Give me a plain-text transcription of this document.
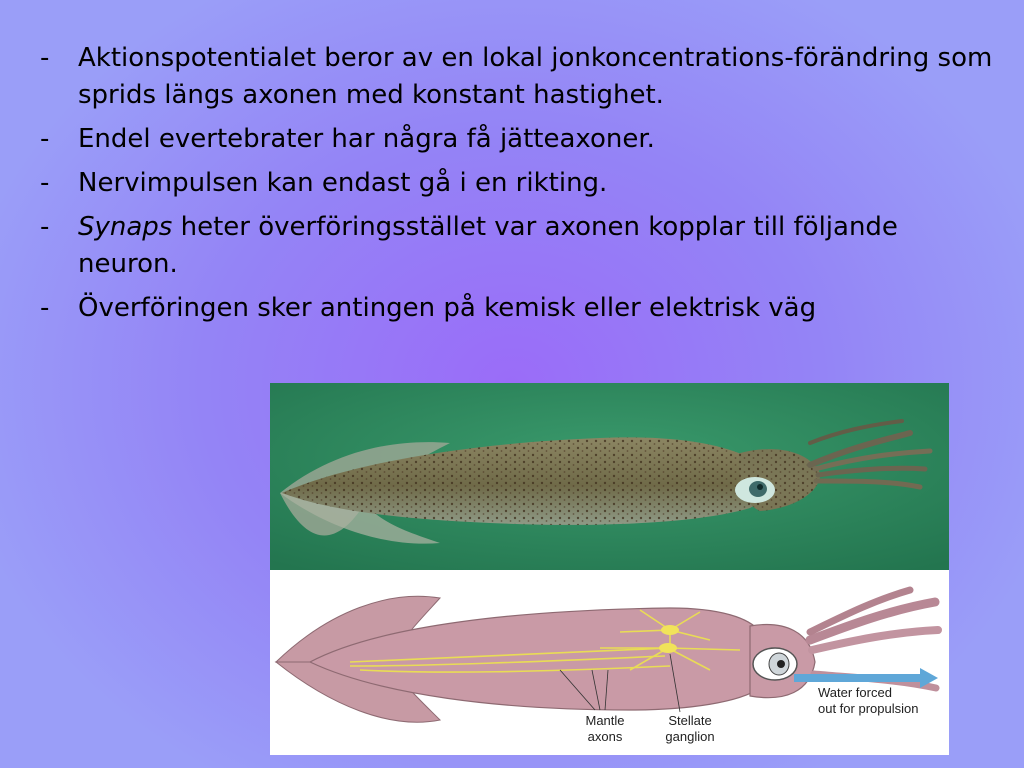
- Aktionspotentialet beror av en lokal jonkoncentrations-förändring som sprids längs axonen med konstant hastighet.
- Endel evertebrater har några få jätteaxoner.
- Nervimpulsen kan endast gå i en rikting.
- Synaps heter överföringsstället var axonen kopplar till följande neuron.
- Överföringen sker antingen på kemisk eller elektrisk väg
Mantle
axons
Stellate
ganglion
Water forced
out for propulsion
